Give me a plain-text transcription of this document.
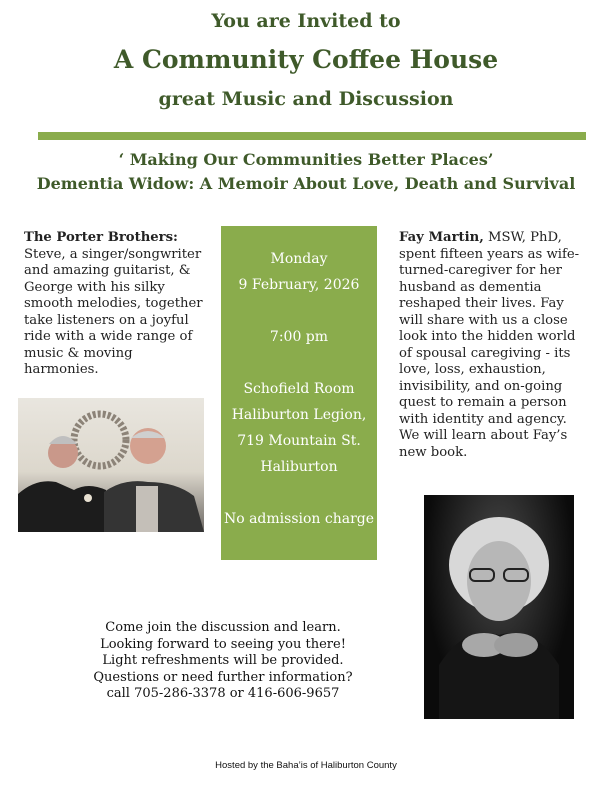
You are Invited to
A Community Coffee House
great Music and Discussion
‘ Making Our Communities Better Places’
Dementia Widow: A Memoir About Love, Death and Survival
The Porter Brothers: Steve, a singer/songwriter and amazing guitarist, & George with his silky smooth melodies, together take listeners on a joyful ride with a wide range of music & moving harmonies.
Monday
9 February, 2026
7:00 pm
Schofield Room
Haliburton Legion,
719 Mountain St.
Haliburton
No admission charge
Fay Martin, MSW, PhD, spent fifteen years as wife-turned-caregiver for her husband as dementia reshaped their lives. Fay will share with us a close look into the hidden world of spousal caregiving - its love, loss, exhaustion, invisibility, and on-going quest to remain a person with identity and agency. We will learn about Fay’s new book.
Come join the discussion and learn.
Looking forward to seeing you there!
Light refreshments will be provided.
Questions or need further information?
call 705-286-3378 or 416-606-9657
Hosted by the Baha’is of Haliburton County
